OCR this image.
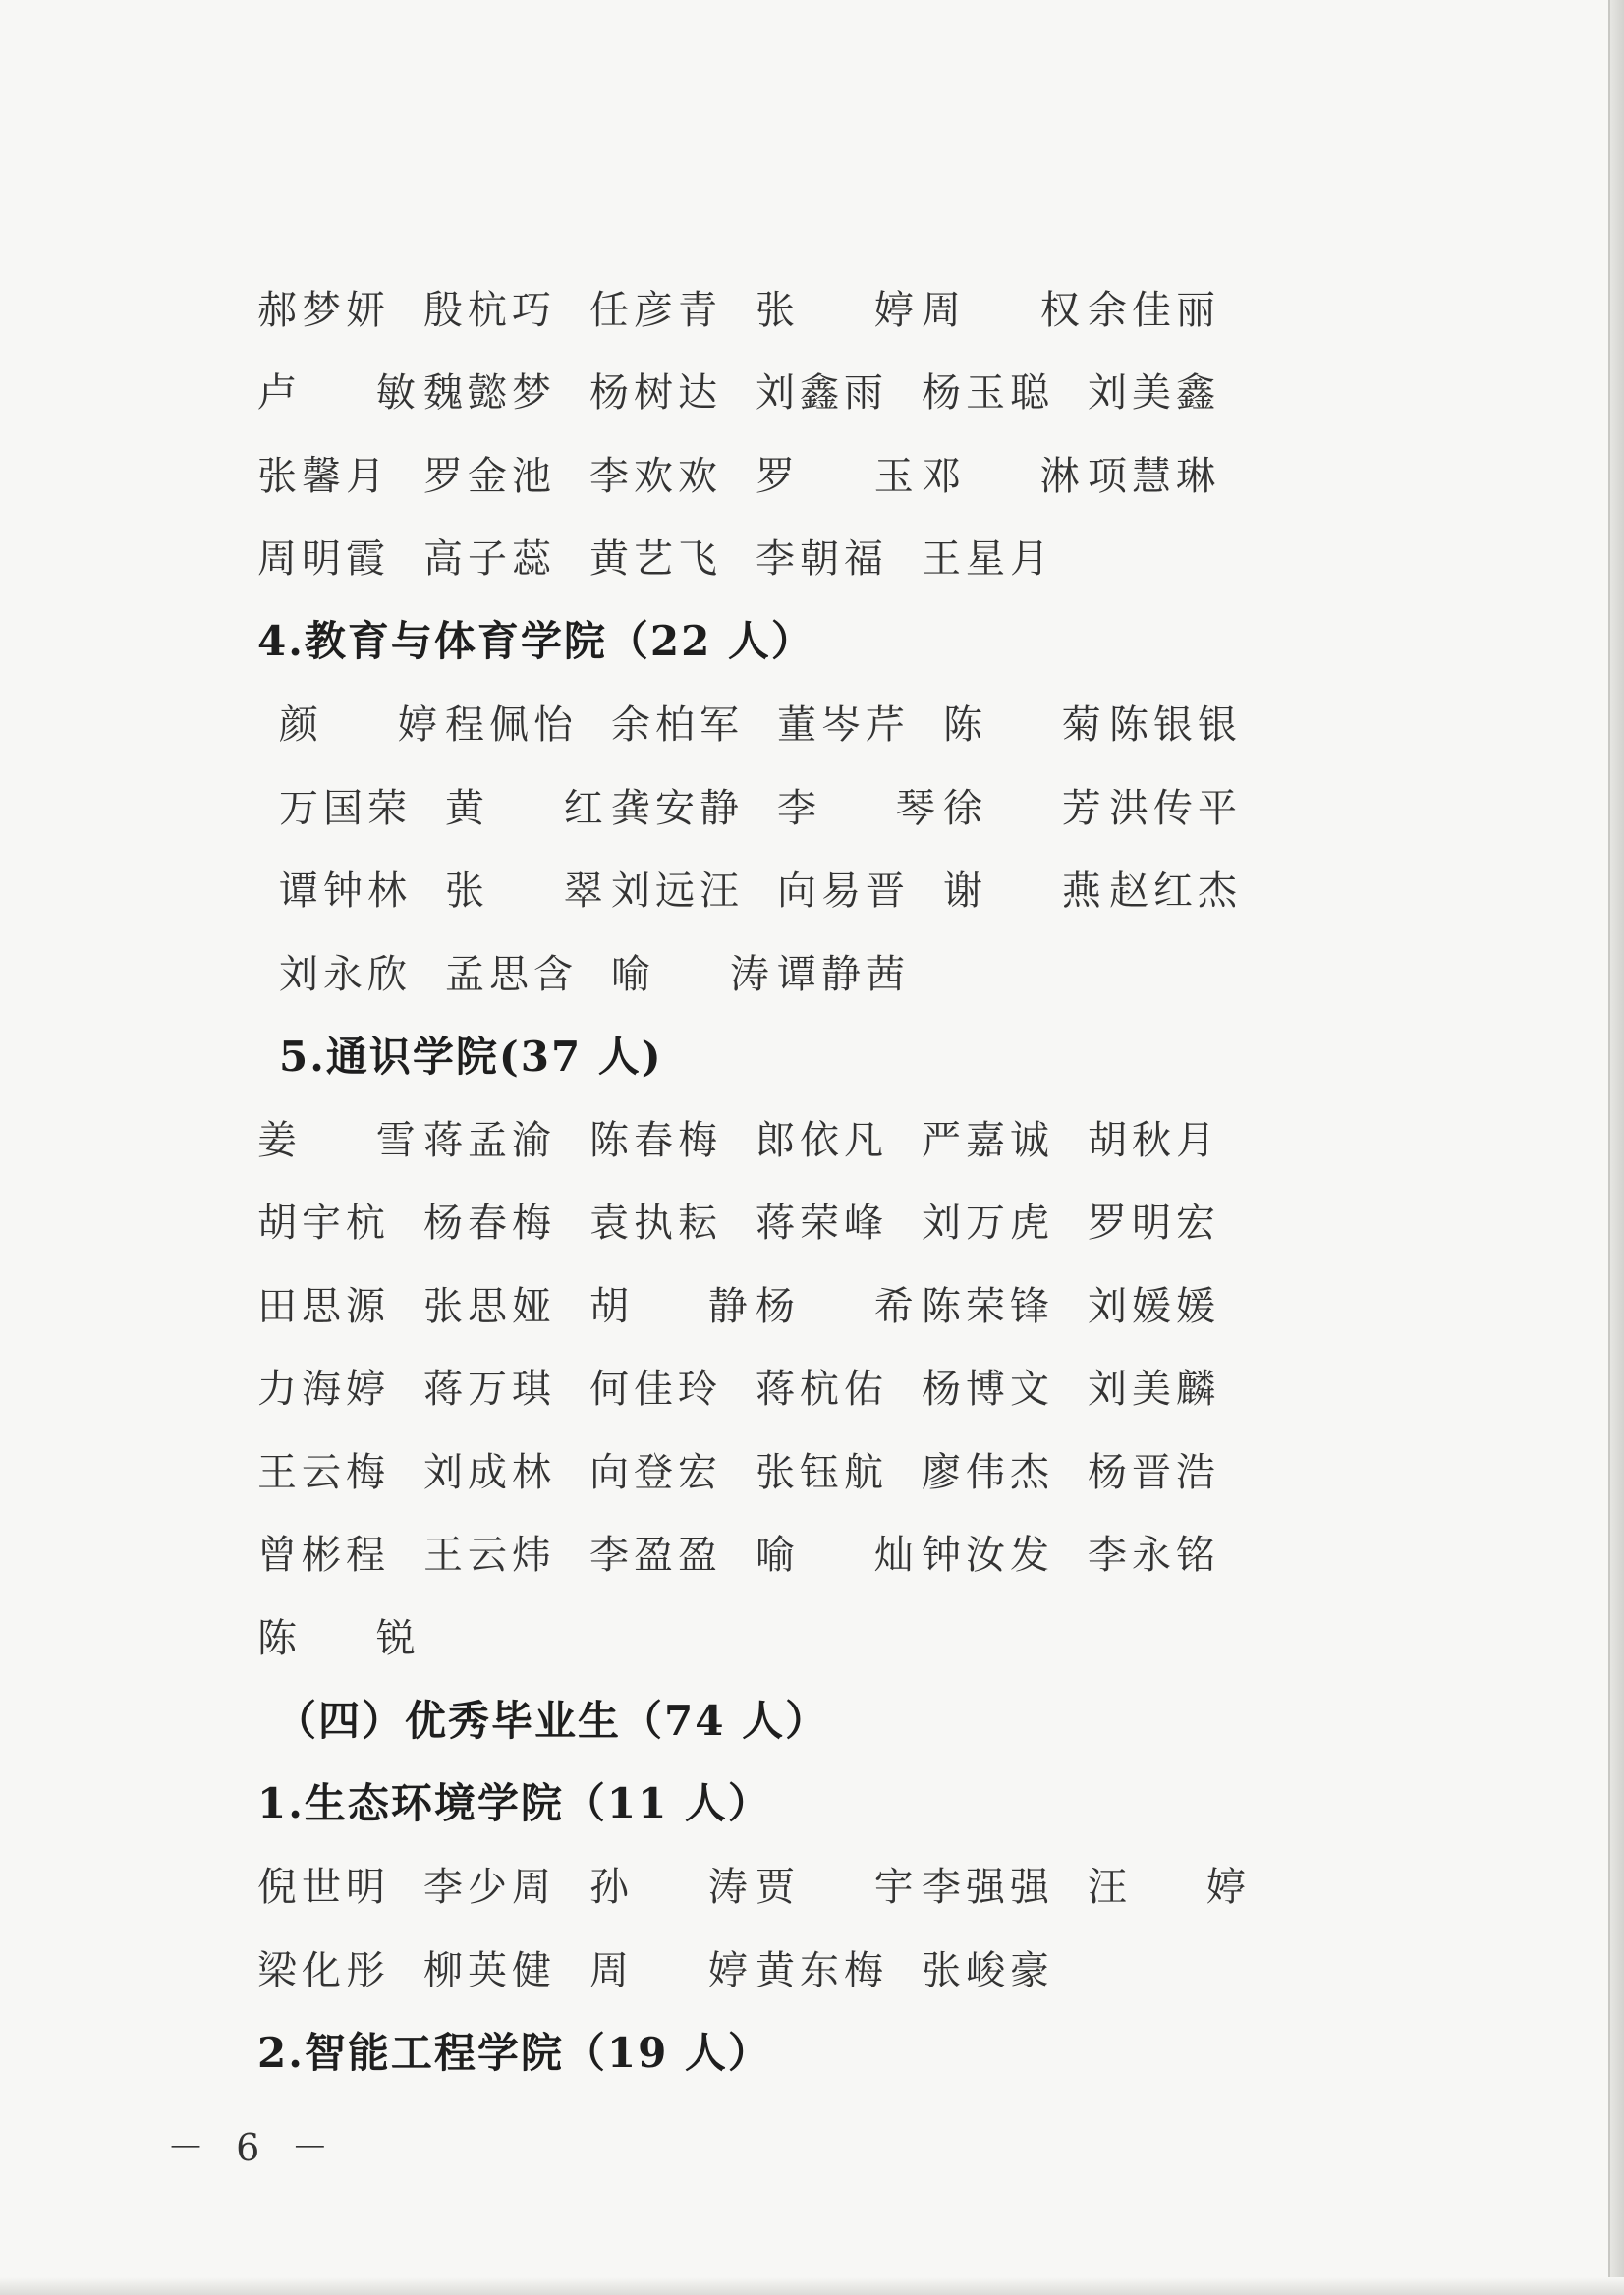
郝梦妍 殷杭巧 任彦青 张 婷
周 权
余佳丽
卢 敏
魏懿梦 杨树达 刘鑫雨 杨玉聪 刘美鑫
张馨月 罗金池 李欢欢 罗 玉
邓 淋
项慧琳
周明霞 高子蕊 黄艺飞 李朝福 王星月
4.教育与体育学院（22 人）
颜 婷
程佩怡 余柏军 董岑芹 陈 菊
陈银银
万国荣 黄 红
龚安静 李 琴
徐 芳
洪传平
谭钟林 张 翠
刘远汪 向易晋 谢 燕
赵红杰
刘永欣 孟思含 喻 涛
谭静茜
5.通识学院(37 人)
姜 雪
蒋孟渝 陈春梅 郎依凡 严嘉诚 胡秋月
胡宇杭 杨春梅 袁执耘 蒋荣峰 刘万虎 罗明宏
田思源 张思娅 胡 静
杨 希
陈荣锋 刘媛媛
力海婷 蒋万琪 何佳玲 蒋杭佑 杨博文 刘美麟
王云梅 刘成林 向登宏 张钰航 廖伟杰 杨晋浩
曾彬程 王云炜 李盈盈 喻 灿
钟汝发 李永铭
陈 锐
（四）优秀毕业生（74 人）
1.生态环境学院（11 人）
倪世明 李少周 孙 涛
贾 宇
李强强 汪 婷
梁化彤 柳英健 周 婷
黄东梅 张峻豪
2.智能工程学院（19 人）
－ 6 －
